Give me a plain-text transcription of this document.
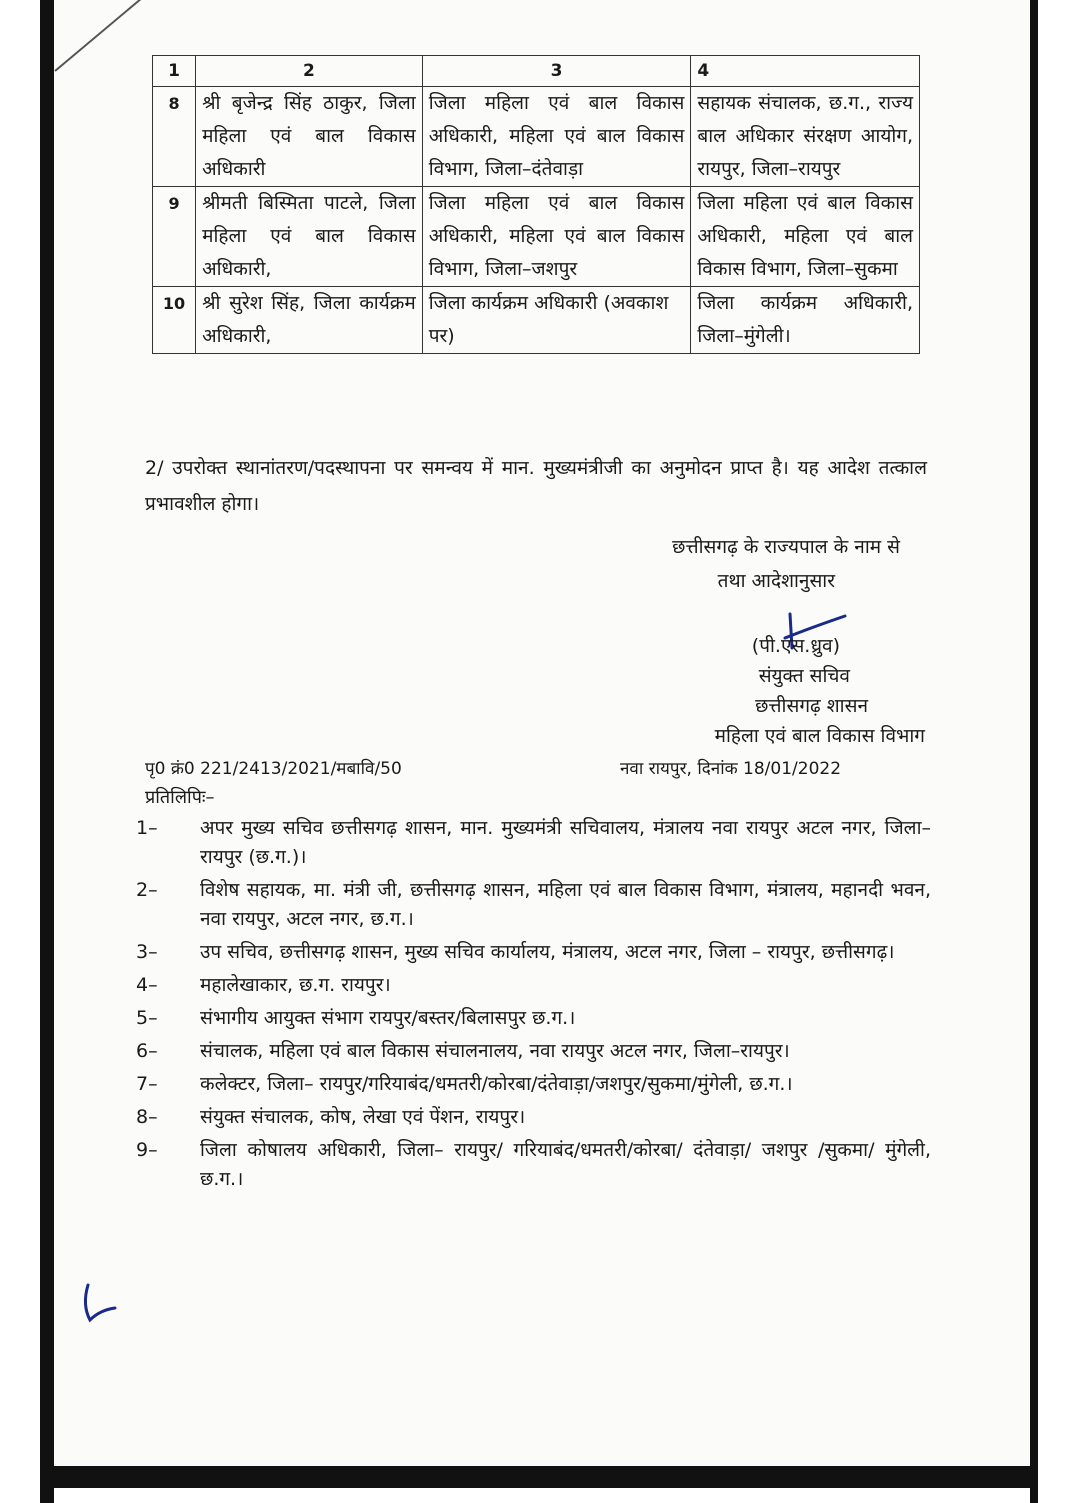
1	2	3	4
8	श्री बृजेन्द्र सिंह ठाकुर, जिला महिला एवं बाल विकास अधिकारी	जिला महिला एवं बाल विकास अधिकारी, महिला एवं बाल विकास विभाग, जिला–दंतेवाड़ा	सहायक संचालक, छ.ग., राज्य बाल अधिकार संरक्षण आयोग, रायपुर, जिला–रायपुर
9	श्रीमती बिस्मिता पाटले, जिला महिला एवं बाल विकास अधिकारी,	जिला महिला एवं बाल विकास अधिकारी, महिला एवं बाल विकास विभाग, जिला–जशपुर	जिला महिला एवं बाल विकास अधिकारी, महिला एवं बाल विकास विभाग, जिला–सुकमा
10	श्री सुरेश सिंह, जिला कार्यक्रम अधिकारी,	जिला कार्यक्रम अधिकारी (अवकाश पर)	जिला कार्यक्रम अधिकारी, जिला–मुंगेली।
2/ उपरोक्त स्थानांतरण/पदस्थापना पर समन्वय में मान. मुख्यमंत्रीजी का अनुमोदन प्राप्त है। यह आदेश तत्काल प्रभावशील होगा।
छत्तीसगढ़ के राज्यपाल के नाम से
तथा आदेशानुसार
(पी.एस.ध्रुव)
संयुक्त सचिव
छत्तीसगढ़ शासन
महिला एवं बाल विकास विभाग
पृ0 क्रं0 221/2413/2021/मबावि/50	नवा रायपुर, दिनांक 18/01/2022
प्रतिलिपिः–
1–	अपर मुख्य सचिव छत्तीसगढ़ शासन, मान. मुख्यमंत्री सचिवालय, मंत्रालय नवा रायपुर अटल नगर, जिला–रायपुर (छ.ग.)।
2–	विशेष सहायक, मा. मंत्री जी, छत्तीसगढ़ शासन, महिला एवं बाल विकास विभाग, मंत्रालय, महानदी भवन, नवा रायपुर, अटल नगर, छ.ग.।
3–	उप सचिव, छत्तीसगढ़ शासन, मुख्य सचिव कार्यालय, मंत्रालय, अटल नगर, जिला – रायपुर, छत्तीसगढ़।
4–	महालेखाकार, छ.ग. रायपुर।
5–	संभागीय आयुक्त संभाग रायपुर/बस्तर/बिलासपुर छ.ग.।
6–	संचालक, महिला एवं बाल विकास संचालनालय, नवा रायपुर अटल नगर, जिला–रायपुर।
7–	कलेक्टर, जिला– रायपुर/गरियाबंद/धमतरी/कोरबा/दंतेवाड़ा/जशपुर/सुकमा/मुंगेली, छ.ग.।
8–	संयुक्त संचालक, कोष, लेखा एवं पेंशन, रायपुर।
9–	जिला कोषालय अधिकारी, जिला– रायपुर/ गरियाबंद/धमतरी/कोरबा/ दंतेवाड़ा/ जशपुर /सुकमा/ मुंगेली, छ.ग.।
